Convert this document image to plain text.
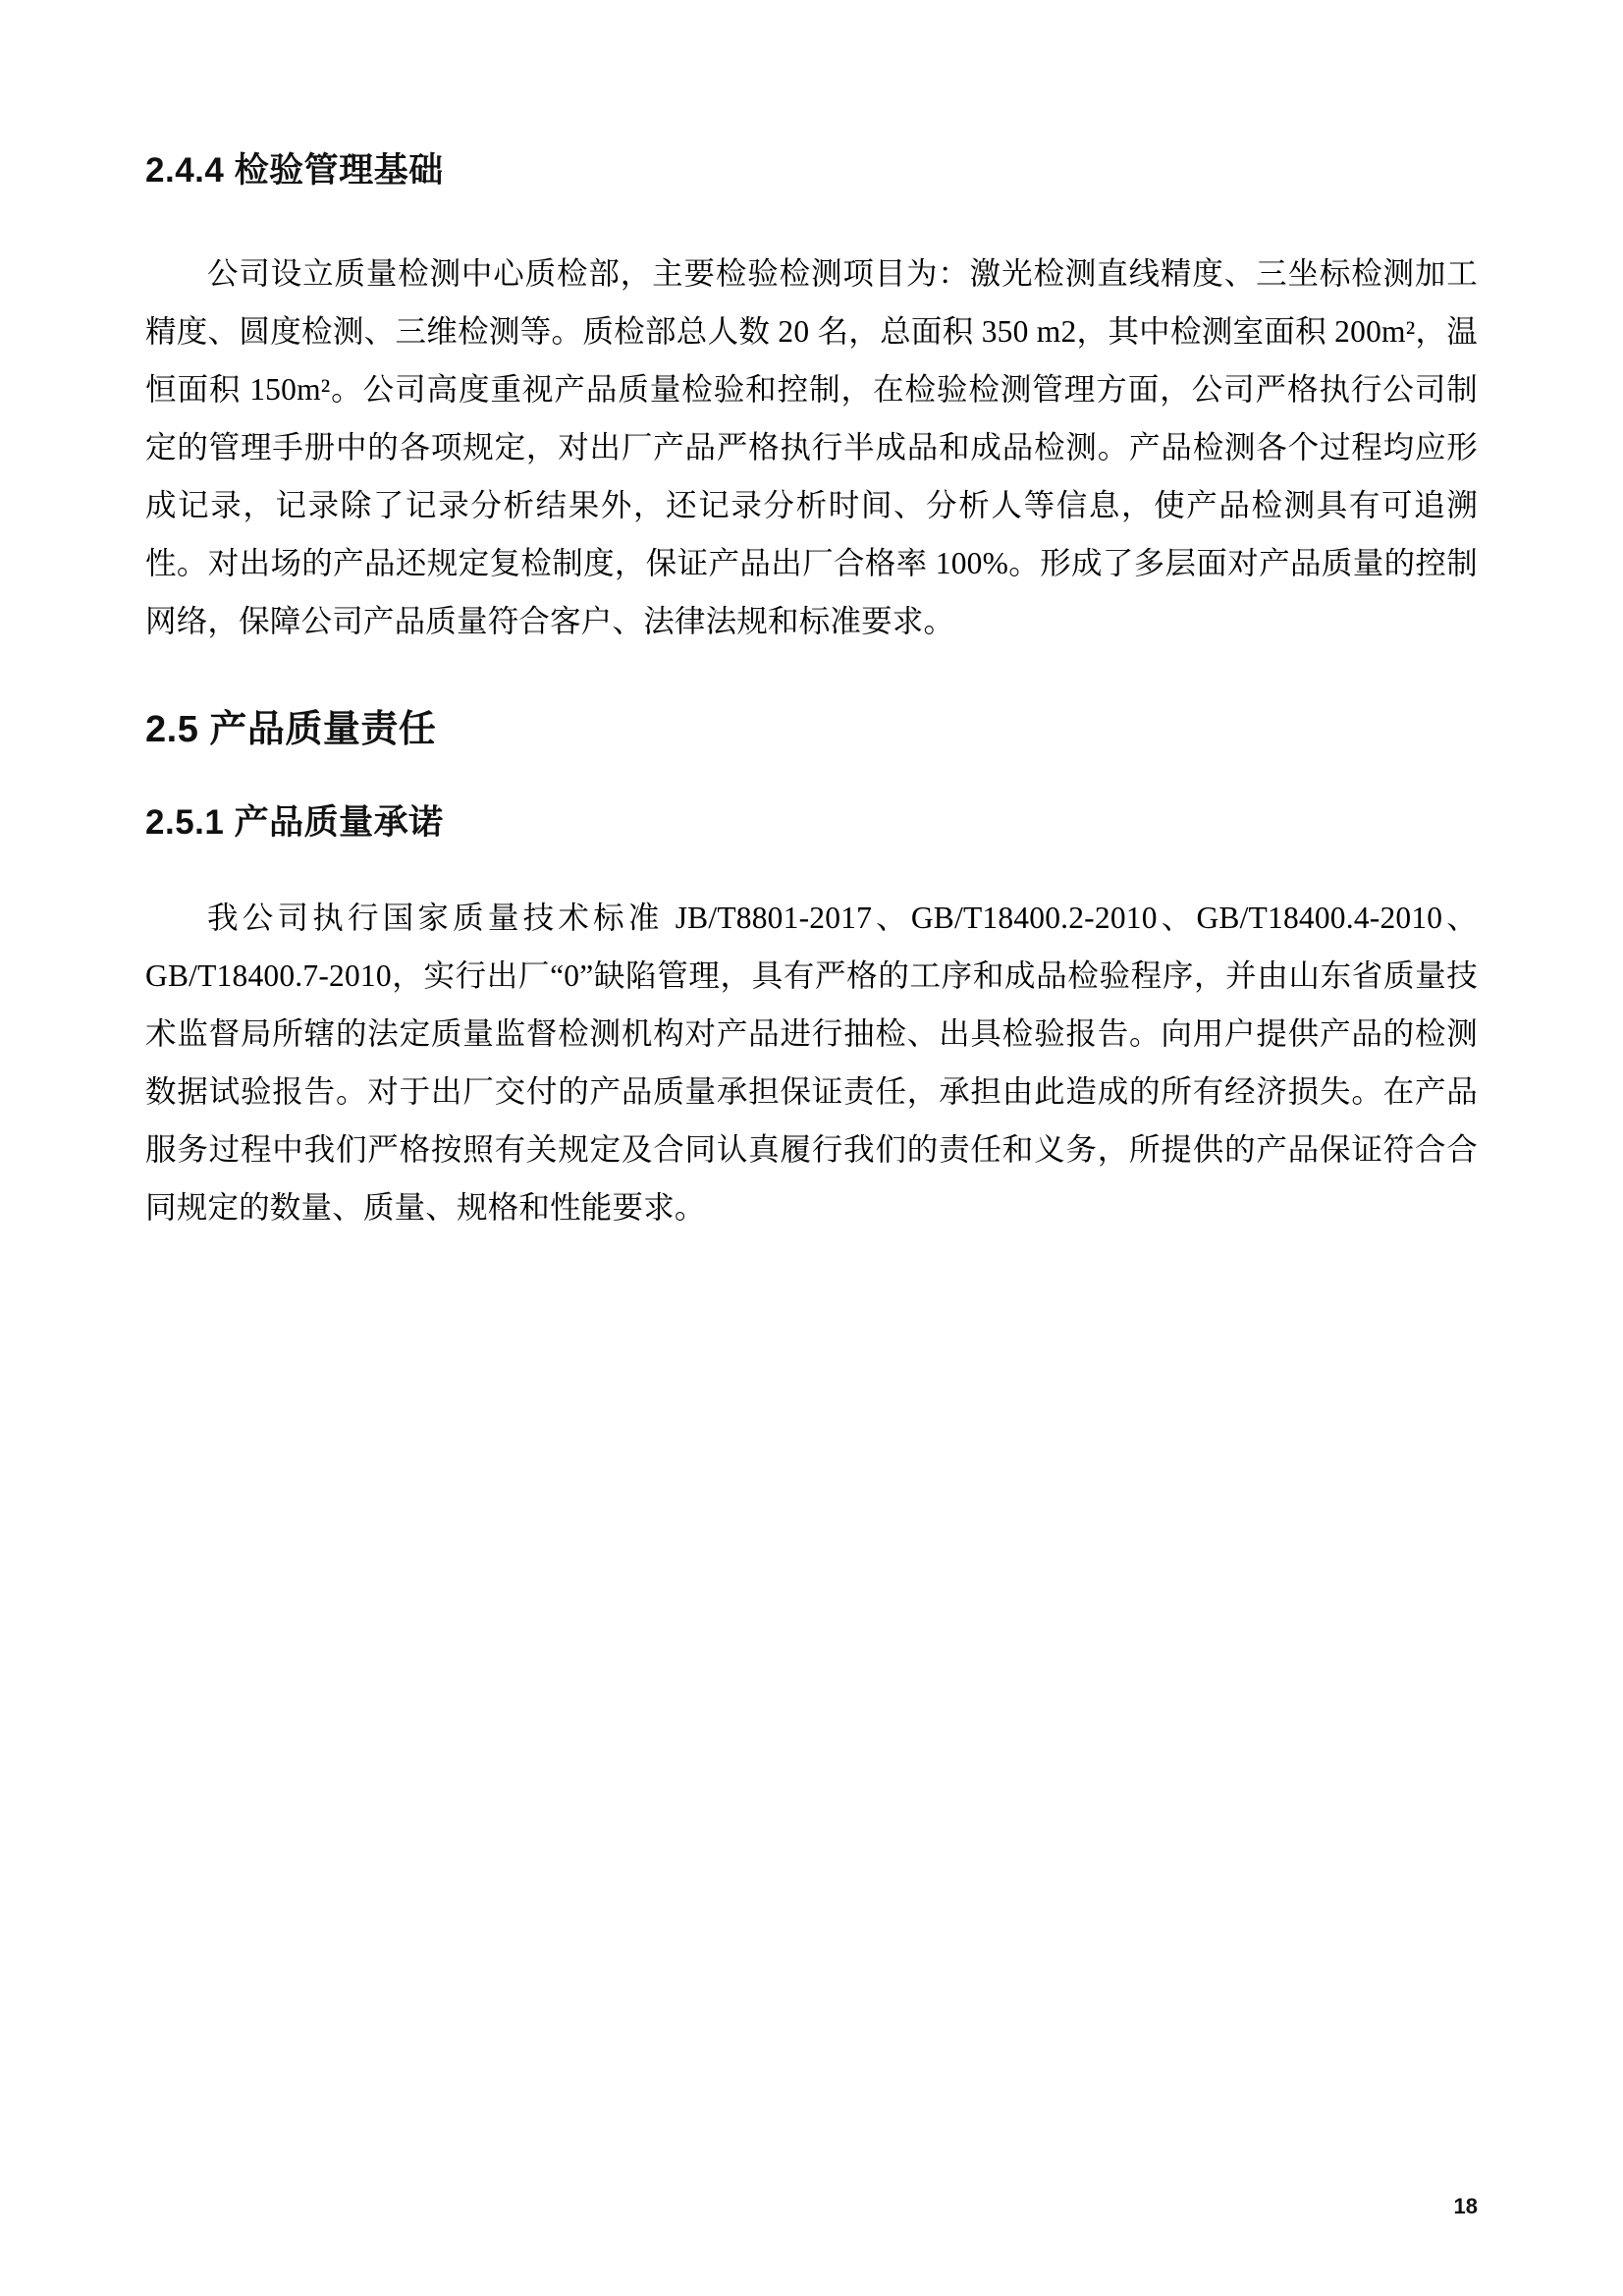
2.4.4 检验管理基础

公司设立质量检测中心质检部，主要检验检测项目为：激光检测直线精度、三坐标检测加工精度、圆度检测、三维检测等。质检部总人数 20 名，总面积 350 m2，其中检测室面积 200m²，温恒面积 150m²。公司高度重视产品质量检验和控制，在检验检测管理方面，公司严格执行公司制定的管理手册中的各项规定，对出厂产品严格执行半成品和成品检测。产品检测各个过程均应形成记录，记录除了记录分析结果外，还记录分析时间、分析人等信息，使产品检测具有可追溯性。对出场的产品还规定复检制度，保证产品出厂合格率 100%。形成了多层面对产品质量的控制网络，保障公司产品质量符合客户、法律法规和标准要求。

2.5 产品质量责任
2.5.1 产品质量承诺

我公司执行国家质量技术标准 JB/T8801-2017、GB/T18400.2-2010、GB/T18400.4-2010、GB/T18400.7-2010，实行出厂“0”缺陷管理，具有严格的工序和成品检验程序，并由山东省质量技术监督局所辖的法定质量监督检测机构对产品进行抽检、出具检验报告。向用户提供产品的检测数据试验报告。对于出厂交付的产品质量承担保证责任，承担由此造成的所有经济损失。在产品服务过程中我们严格按照有关规定及合同认真履行我们的责任和义务，所提供的产品保证符合合同规定的数量、质量、规格和性能要求。

18
